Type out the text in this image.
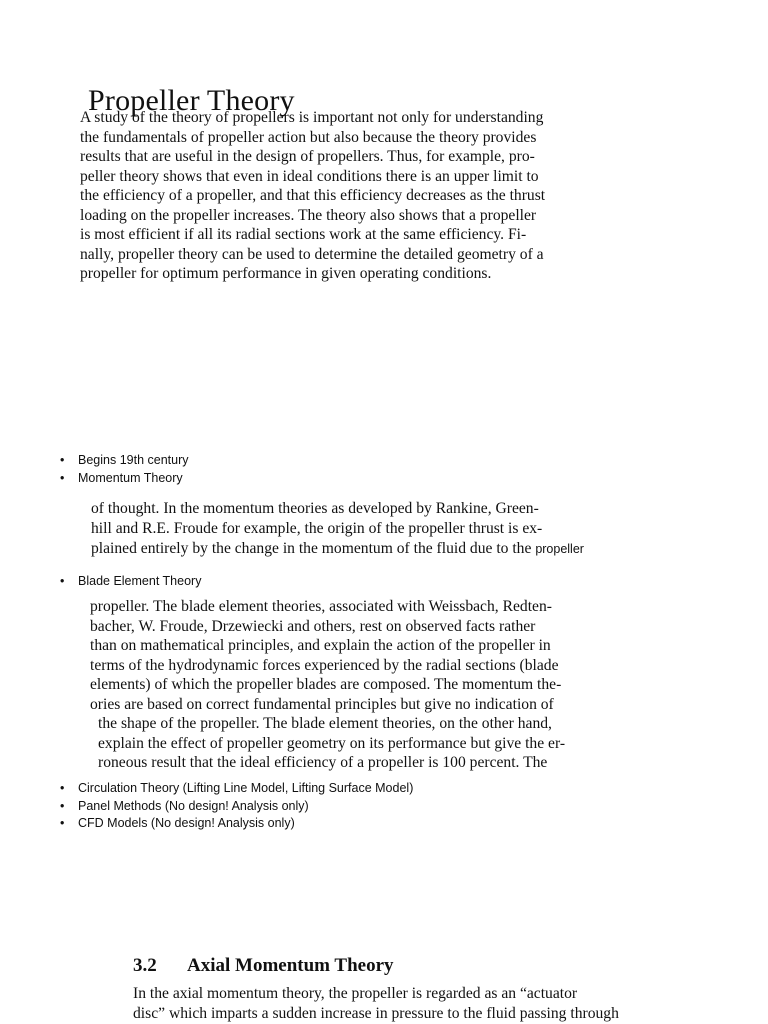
Propeller Theory
A study of the theory of propellers is important not only for understanding
the fundamentals of propeller action but also because the theory provides
results that are useful in the design of propellers. Thus, for example, pro-
peller theory shows that even in ideal conditions there is an upper limit to
the efficiency of a propeller, and that this efficiency decreases as the thrust
loading on the propeller increases. The theory also shows that a propeller
is most efficient if all its radial sections work at the same efficiency. Fi-
nally, propeller theory can be used to determine the detailed geometry of a
propeller for optimum performance in given operating conditions.
• Begins 19th century
• Momentum Theory
of thought. In the momentum theories as developed by Rankine, Green-
hill and R.E. Froude for example, the origin of the propeller thrust is ex-
plained entirely by the change in the momentum of the fluid due to the propeller
• Blade Element Theory
propeller. The blade element theories, associated with Weissbach, Redten-
bacher, W. Froude, Drzewiecki and others, rest on observed facts rather
than on mathematical principles, and explain the action of the propeller in
terms of the hydrodynamic forces experienced by the radial sections (blade
elements) of which the propeller blades are composed. The momentum the-
ories are based on correct fundamental principles but give no indication of
the shape of the propeller. The blade element theories, on the other hand,
explain the effect of propeller geometry on its performance but give the er-
roneous result that the ideal efficiency of a propeller is 100 percent. The
• Circulation Theory (Lifting Line Model, Lifting Surface Model)
• Panel Methods (No design! Analysis only)
• CFD Models (No design! Analysis only)
3.2 Axial Momentum Theory
In the axial momentum theory, the propeller is regarded as an “actuator
disc” which imparts a sudden increase in pressure to the fluid passing through
